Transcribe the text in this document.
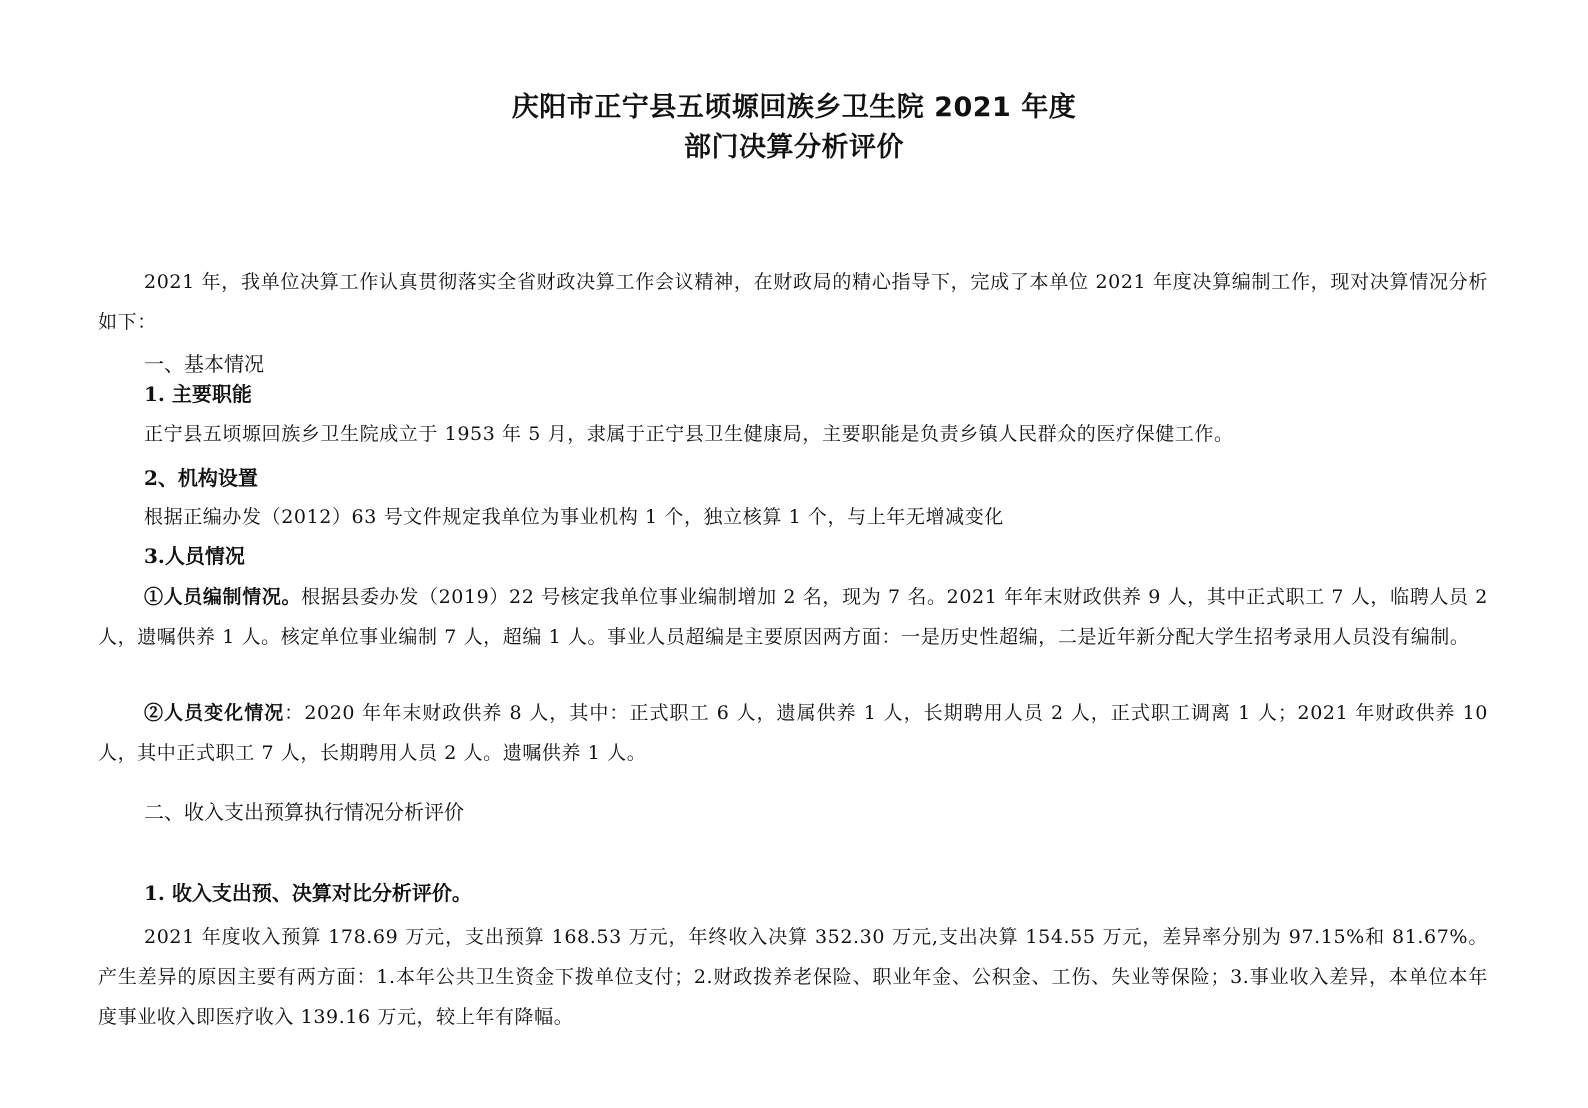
庆阳市正宁县五顷塬回族乡卫生院 2021 年度
部门决算分析评价
2021 年，我单位决算工作认真贯彻落实全省财政决算工作会议精神，在财政局的精心指导下，完成了本单位 2021 年度决算编制工作，现对决算情况分析如下：
一、基本情况
1. 主要职能
正宁县五顷塬回族乡卫生院成立于 1953 年 5 月，隶属于正宁县卫生健康局，主要职能是负责乡镇人民群众的医疗保健工作。
2、机构设置
根据正编办发（2012）63 号文件规定我单位为事业机构 1 个，独立核算 1 个，与上年无增减变化
3.人员情况
①人员编制情况。根据县委办发（2019）22 号核定我单位事业编制增加 2 名，现为 7 名。2021 年年末财政供养 9 人，其中正式职工 7 人，临聘人员 2 人，遗嘱供养 1 人。核定单位事业编制 7 人，超编 1 人。事业人员超编是主要原因两方面：一是历史性超编，二是近年新分配大学生招考录用人员没有编制。
②人员变化情况：2020 年年末财政供养 8 人，其中：正式职工 6 人，遗属供养 1 人，长期聘用人员 2 人，正式职工调离 1 人；2021 年财政供养 10 人，其中正式职工 7 人，长期聘用人员 2 人。遗嘱供养 1 人。
二、收入支出预算执行情况分析评价
1. 收入支出预、决算对比分析评价。
2021 年度收入预算 178.69 万元，支出预算 168.53 万元，年终收入决算 352.30 万元,支出决算 154.55 万元，差异率分别为 97.15%和 81.67%。产生差异的原因主要有两方面：1.本年公共卫生资金下拨单位支付；2.财政拨养老保险、职业年金、公积金、工伤、失业等保险；3.事业收入差异，本单位本年度事业收入即医疗收入 139.16 万元，较上年有降幅。
